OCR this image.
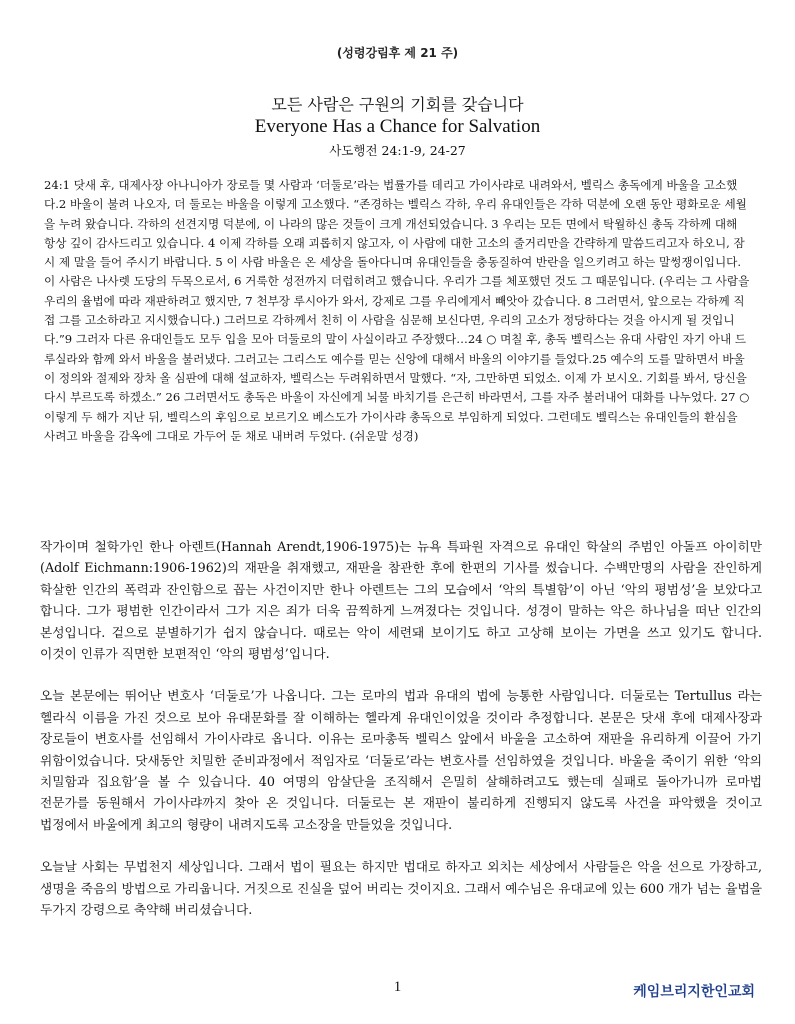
(성령강림후 제 21 주)
모든 사람은 구원의 기회를 갖습니다
Everyone Has a Chance for Salvation
사도행전 24:1-9, 24-27
24:1 닷새 후, 대제사장 아나니아가 장로들 몇 사람과 ‘더둘로’라는 법률가를 데리고 가이사랴로 내려와서, 벨릭스 총독에게 바울을 고소했다.2 바울이 불려 나오자, 더 둘로는 바울을 이렇게 고소했다. “존경하는 벨릭스 각하, 우리 유대인들은 각하 덕분에 오랜 동안 평화로운 세월을 누려 왔습니다. 각하의 선견지명 덕분에, 이 나라의 많은 것들이 크게 개선되었습니다. 3 우리는 모든 면에서 탁월하신 총독 각하께 대해 항상 깊이 감사드리고 있습니다. 4 이제 각하를 오래 괴롭히지 않고자, 이 사람에 대한 고소의 줄거리만을 간략하게 말씀드리고자 하오니, 잠시 제 말을 들어 주시기 바랍니다. 5 이 사람 바울은 온 세상을 돌아다니며 유대인들을 충동질하여 반란을 일으키려고 하는 말썽쟁이입니다. 이 사람은 나사렛 도당의 두목으로서, 6 거룩한 성전까지 더럽히려고 했습니다. 우리가 그를 체포했던 것도 그 때문입니다. (우리는 그 사람을 우리의 율법에 따라 재판하려고 했지만, 7 천부장 루시아가 와서, 강제로 그를 우리에게서 빼앗아 갔습니다. 8 그러면서, 앞으로는 각하께 직접 그를 고소하라고 지시했습니다.) 그러므로 각하께서 친히 이 사람을 심문해 보신다면, 우리의 고소가 정당하다는 것을 아시게 될 것입니다.”9 그러자 다른 유대인들도 모두 입을 모아 더둘로의 말이 사실이라고 주장했다…24 ○ 며칠 후, 총독 벨릭스는 유대 사람인 자기 아내 드루실라와 함께 와서 바울을 불러냈다. 그러고는 그리스도 예수를 믿는 신앙에 대해서 바울의 이야기를 들었다.25 예수의 도를 말하면서 바울이 정의와 절제와 장차 올 심판에 대해 설교하자, 벨릭스는 두려워하면서 말했다. “자, 그만하면 되었소. 이제 가 보시오. 기회를 봐서, 당신을 다시 부르도록 하겠소.” 26 그러면서도 총독은 바울이 자신에게 뇌물 바치기를 은근히 바라면서, 그를 자주 불러내어 대화를 나누었다. 27 ○ 이렇게 두 해가 지난 뒤, 벨릭스의 후임으로 보르기오 베스도가 가이사랴 총독으로 부임하게 되었다. 그런데도 벨릭스는 유대인들의 환심을 사려고 바울을 감옥에 그대로 가두어 둔 채로 내버려 두었다. (쉬운말 성경)

작가이며 철학가인 한나 아렌트(Hannah Arendt,1906-1975)는 뉴욕 특파원 자격으로 유대인 학살의 주범인 아돌프 아이히만(Adolf Eichmann:1906-1962)의 재판을 취재했고, 재판을 참관한 후에 한편의 기사를 썼습니다. 수백만명의 사람을 잔인하게 학살한 인간의 폭력과 잔인함으로 꼽는 사건이지만 한나 아렌트는 그의 모습에서 ‘악의 특별함’이 아닌 ‘악의 평범성’을 보았다고 합니다. 그가 평범한 인간이라서 그가 지은 죄가 더욱 끔찍하게 느껴졌다는 것입니다. 성경이 말하는 악은 하나님을 떠난 인간의 본성입니다. 겉으로 분별하기가 쉽지 않습니다. 때로는 악이 세련돼 보이기도 하고 고상해 보이는 가면을 쓰고 있기도 합니다. 이것이 인류가 직면한 보편적인 ‘악의 평범성’입니다.

오늘 본문에는 뛰어난 변호사 ‘더둘로’가 나옵니다. 그는 로마의 법과 유대의 법에 능통한 사람입니다. 더둘로는 Tertullus 라는 헬라식 이름을 가진 것으로 보아 유대문화를 잘 이해하는 헬라계 유대인이었을 것이라 추정합니다. 본문은 닷새 후에 대제사장과 장로들이 변호사를 선임해서 가이사랴로 옵니다. 이유는 로마총독 벨릭스 앞에서 바울을 고소하여 재판을 유리하게 이끌어 가기 위함이었습니다. 닷새동안 치밀한 준비과정에서 적임자로 ‘더둘로’라는 변호사를 선임하였을 것입니다. 바울을 죽이기 위한 ‘악의 치밀함과 집요함’을 볼 수 있습니다. 40 여명의 암살단을 조직해서 은밀히 살해하려고도 했는데 실패로 돌아가니까 로마법 전문가를 동원해서 가이사랴까지 찾아 온 것입니다. 더둘로는 본 재판이 불리하게 진행되지 않도록 사건을 파악했을 것이고 법정에서 바울에게 최고의 형량이 내려지도록 고소장을 만들었을 것입니다.

오늘날 사회는 무법천지 세상입니다. 그래서 법이 필요는 하지만 법대로 하자고 외치는 세상에서 사람들은 악을 선으로 가장하고, 생명을 죽음의 방법으로 가리웁니다. 거짓으로 진실을 덮어 버리는 것이지요. 그래서 예수님은 유대교에 있는 600 개가 넘는 율법을 두가지 강령으로 축약해 버리셨습니다.

1	케임브리지한인교회
